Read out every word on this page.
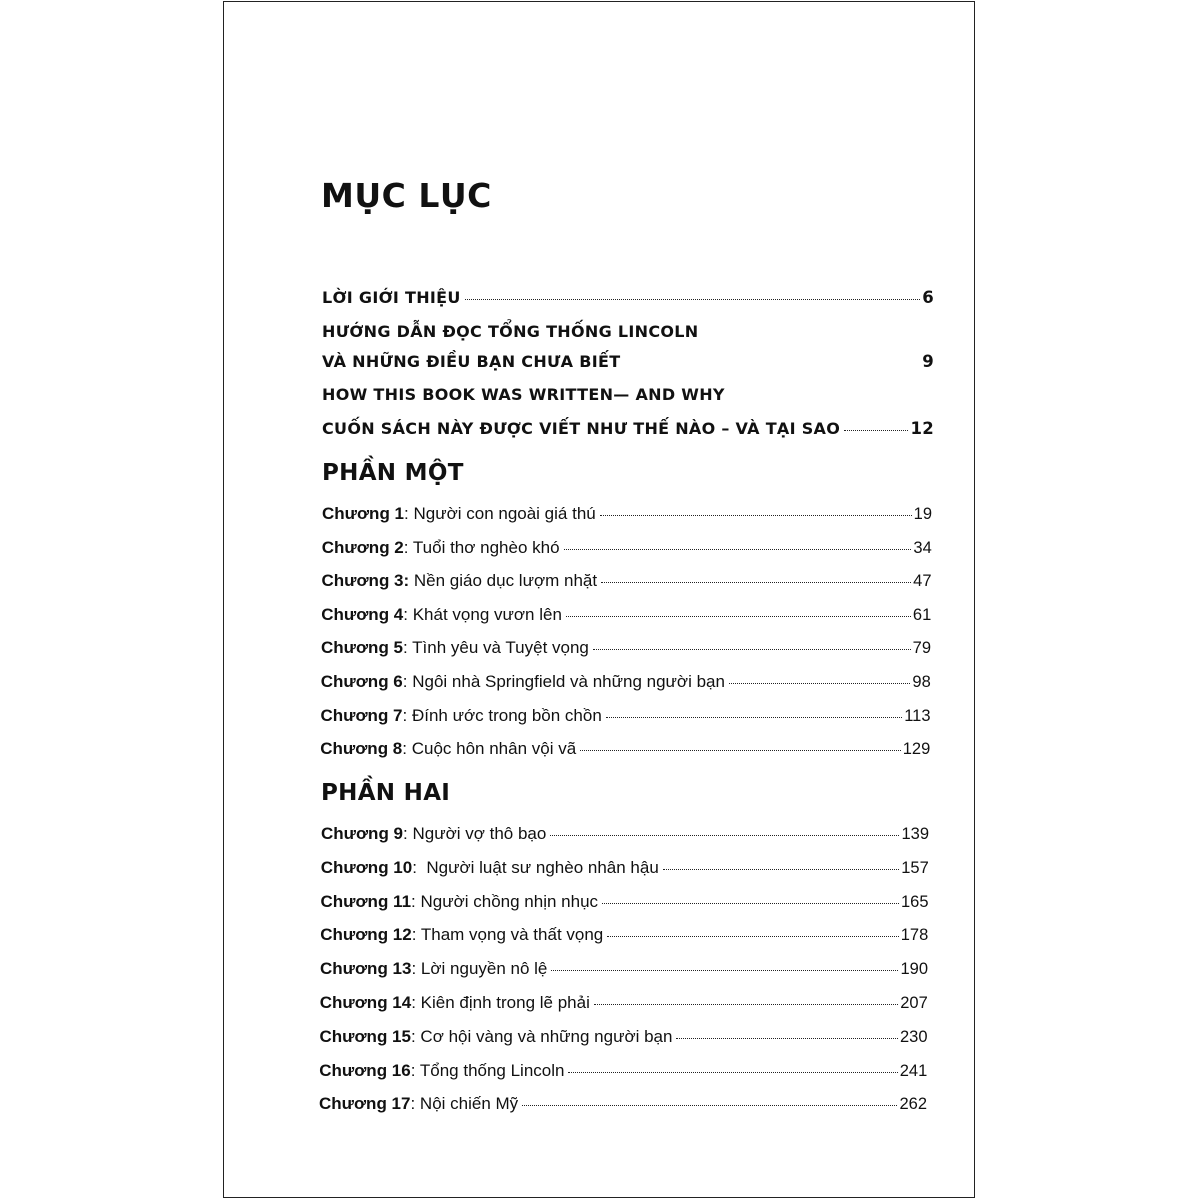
MỤC LỤC
LỜI GIỚI THIỆU	6
HƯỚNG DẪN ĐỌC TỔNG THỐNG LINCOLN
VÀ NHỮNG ĐIỀU BẠN CHƯA BIẾT	9
HOW THIS BOOK WAS WRITTEN— AND WHY
CUỐN SÁCH NÀY ĐƯỢC VIẾT NHƯ THẾ NÀO – VÀ TẠI SAO	12
PHẦN MỘT
Chương 1 : Người con ngoài giá thú	19
Chương 2 : Tuổi thơ nghèo khó	34
Chương 3: Nền giáo dục lượm nhặt	47
Chương 4 : Khát vọng vươn lên	61
Chương 5 : Tình yêu và Tuyệt vọng	79
Chương 6 : Ngôi nhà Springfield và những người bạn	98
Chương 7 : Đính ước trong bồn chồn	113
Chương 8 : Cuộc hôn nhân vội vã	129
PHẦN HAI
Chương 9 : Người vợ thô bạo	139
Chương 10 : Người luật sư nghèo nhân hậu	157
Chương 11 : Người chồng nhịn nhục	165
Chương 12 : Tham vọng và thất vọng	178
Chương 13 : Lời nguyền nô lệ	190
Chương 14 : Kiên định trong lẽ phải	207
Chương 15 : Cơ hội vàng và những người bạn	230
Chương 16 : Tổng thống Lincoln	241
Chương 17 : Nội chiến Mỹ	262
